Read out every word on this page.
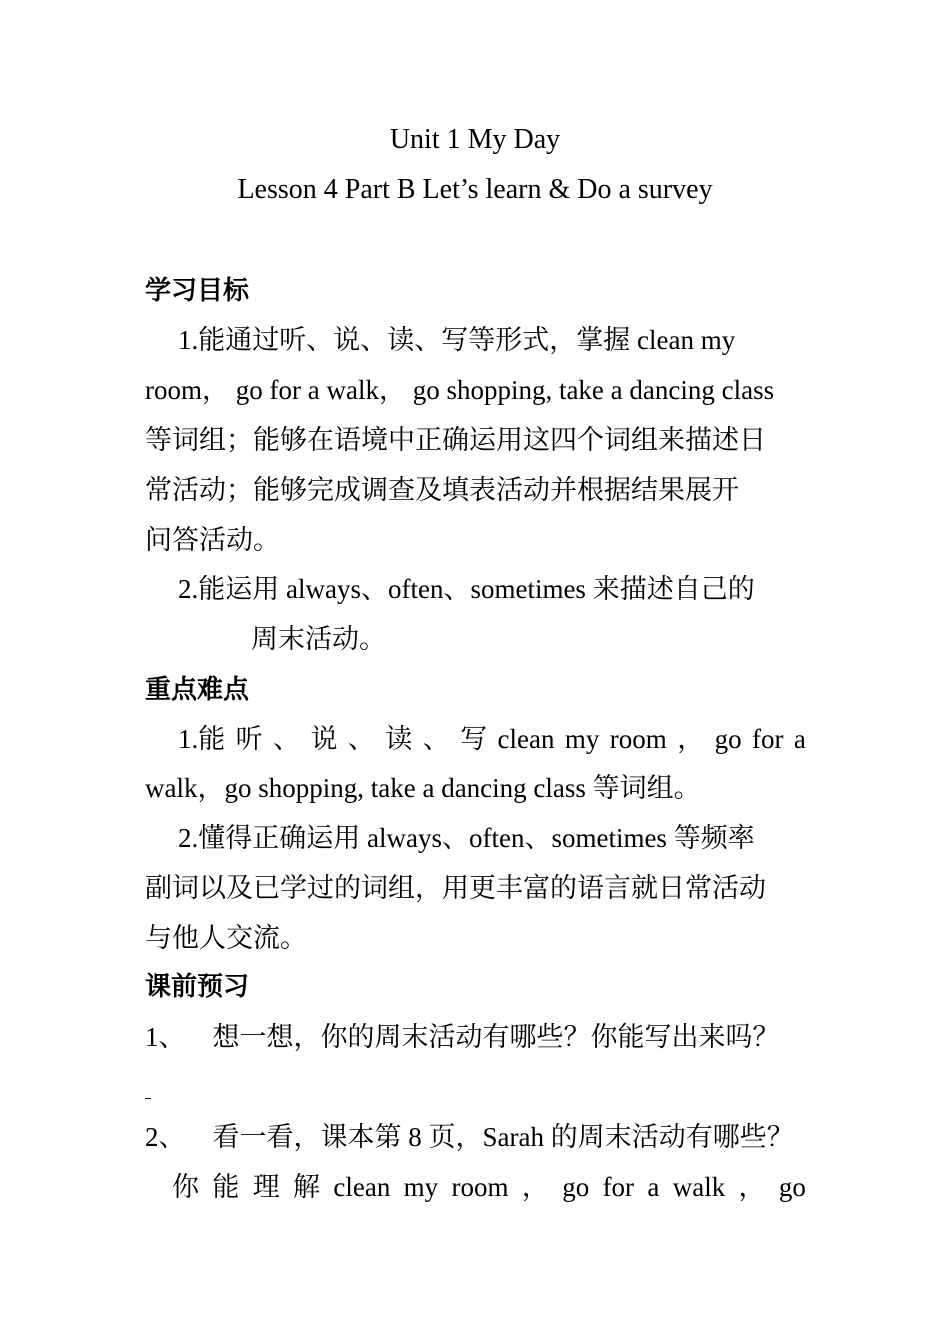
Unit 1 My Day
Lesson 4 Part B Let’s learn & Do a survey
学习目标
1.能通过听、说、读、写等形式，掌握 clean my
room， go for a walk， go shopping, take a dancing class
等词组；能够在语境中正确运用这四个词组来描述日
常活动；能够完成调查及填表活动并根据结果展开
问答活动。
2.能运用 always、often、sometimes 来描述自己的
周末活动。
重点难点
1.能 听 、 说 、 读 、 写 clean my room ， go for a
walk，go shopping, take a dancing class 等词组。
2.懂得正确运用 always、often、sometimes 等频率
副词以及已学过的词组，用更丰富的语言就日常活动
与他人交流。
课前预习
1、    想一想，你的周末活动有哪些？你能写出来吗？
2、    看一看，课本第 8 页，Sarah 的周末活动有哪些？
你 能 理 解 clean my room ， go for a walk ， go
